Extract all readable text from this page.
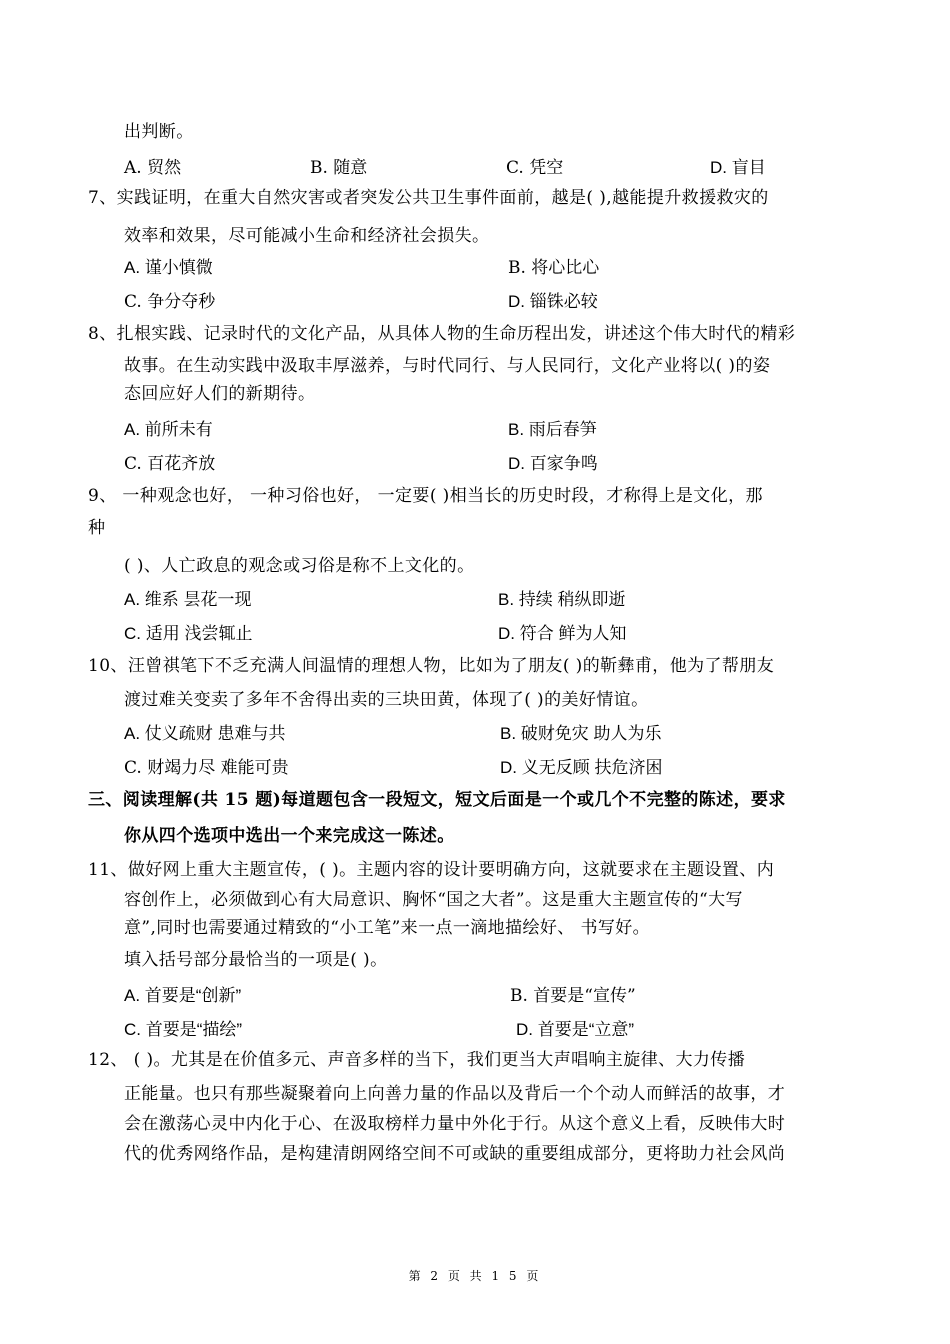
出判断。
A. 贸然	B. 随意	C. 凭空	D. 盲目
7、实践证明，在重大自然灾害或者突发公共卫生事件面前，越是( ),越能提升救援救灾的
效率和效果，尽可能减小生命和经济社会损失。
A. 谨小慎微	B. 将心比心
C. 争分夺秒	D. 锱铢必较
8、扎根实践、记录时代的文化产品，从具体人物的生命历程出发，讲述这个伟大时代的精彩
故事。在生动实践中汲取丰厚滋养，与时代同行、与人民同行，文化产业将以( )的姿
态回应好人们的新期待。
A. 前所未有	B. 雨后春笋
C. 百花齐放	D. 百家争鸣
9、 一种观念也好， 一种习俗也好， 一定要( )相当长的历史时段，才称得上是文化，那
种
( )、人亡政息的观念或习俗是称不上文化的。
A. 维系 昙花一现	B. 持续 稍纵即逝
C. 适用 浅尝辄止	D. 符合 鲜为人知
10、汪曾祺笔下不乏充满人间温情的理想人物，比如为了朋友( )的靳彝甫，他为了帮朋友
渡过难关变卖了多年不舍得出卖的三块田黄，体现了( )的美好情谊。
A. 仗义疏财 患难与共	B. 破财免灾 助人为乐
C. 财竭力尽 难能可贵	D. 义无反顾 扶危济困
三、阅读理解(共 15 题)每道题包含一段短文，短文后面是一个或几个不完整的陈述，要求
你从四个选项中选出一个来完成这一陈述。
11、做好网上重大主题宣传，( )。主题内容的设计要明确方向，这就要求在主题设置、内
容创作上，必须做到心有大局意识、胸怀“国之大者”。这是重大主题宣传的“大写
意”,同时也需要通过精致的“小工笔”来一点一滴地描绘好、 书写好。
填入括号部分最恰当的一项是( )。
A. 首要是“创新”	B. 首要是“宣传”
C. 首要是“描绘”	D. 首要是“立意”
12、 ( )。尤其是在价值多元、声音多样的当下，我们更当大声唱响主旋律、大力传播
正能量。也只有那些凝聚着向上向善力量的作品以及背后一个个动人而鲜活的故事，才
会在激荡心灵中内化于心、在汲取榜样力量中外化于行。从这个意义上看，反映伟大时
代的优秀网络作品，是构建清朗网络空间不可或缺的重要组成部分，更将助力社会风尚
第 2 页 共 1 5 页
